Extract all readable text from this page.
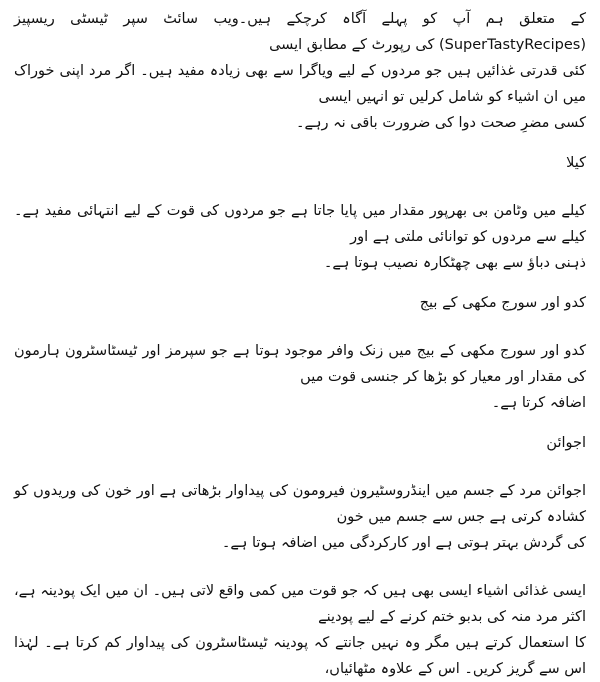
کے متعلق ہم آپ کو پہلے آگاہ کرچکے ہیں۔ویب سائٹ سپر ٹیسٹی ریسپیز (SuperTastyRecipes) کی رپورٹ کے مطابق ایسی

کئی قدرتی غذائیں ہیں جو مردوں کے لیے ویاگرا سے بھی زیادہ مفید ہیں۔ اگر مرد اپنی خوراک میں ان اشیاء کو شامل کرلیں تو انہیں ایسی

کسی مضرِ صحت دوا کی ضرورت باقی نہ رہے۔

کیلا

کیلے میں وٹامن بی بھرپور مقدار میں پایا جاتا ہے جو مردوں کی قوت کے لیے انتہائی مفید ہے۔ کیلے سے مردوں کو توانائی ملتی ہے اور

ذہنی دباؤ سے بھی چھٹکارہ نصیب ہوتا ہے۔

کدو اور سورج مکھی کے بیج

کدو اور سورج مکھی کے بیج میں زنک وافر موجود ہوتا ہے جو سپرمز اور ٹیسٹاسٹرون ہارمون کی مقدار اور معیار کو بڑھا کر جنسی قوت میں

اضافہ کرتا ہے۔

اجوائن

اجوائن مرد کے جسم میں اینڈروسٹیرون فیرومون کی پیداوار بڑھاتی ہے اور خون کی وریدوں کو کشادہ کرتی ہے جس سے جسم میں خون

کی گردش بہتر ہوتی ہے اور کارکردگی میں اضافہ ہوتا ہے۔

ایسی غذائی اشیاء ایسی بھی ہیں کہ جو قوت میں کمی واقع لاتی ہیں۔ ان میں ایک پودینہ ہے، اکثر مرد منہ کی بدبو ختم کرنے کے لیے پودینے

کا استعمال کرتے ہیں مگر وہ نہیں جانتے کہ پودینہ ٹیسٹاسٹرون کی پیداوار کم کرتا ہے۔ لہٰذا اس سے گریز کریں۔ اس کے علاوہ مٹھائیاں،
